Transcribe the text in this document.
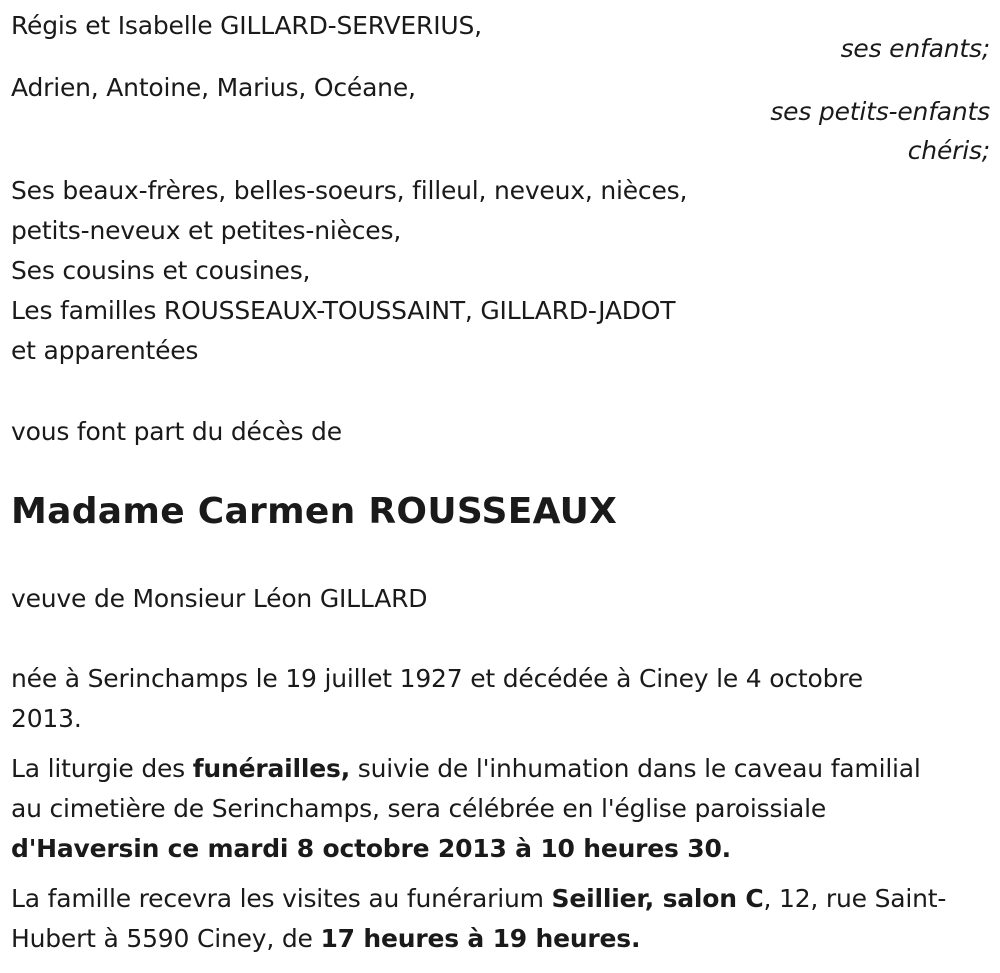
Régis et Isabelle GILLARD-SERVERIUS,
ses enfants;
Adrien, Antoine, Marius, Océane,
ses petits-enfants
chéris;
Ses beaux-frères, belles-soeurs, filleul, neveux, nièces,
petits-neveux et petites-nièces,
Ses cousins et cousines,
Les familles ROUSSEAUX-TOUSSAINT, GILLARD-JADOT
et apparentées
vous font part du décès de
Madame Carmen ROUSSEAUX
veuve de Monsieur Léon GILLARD
née à Serinchamps le 19 juillet 1927 et décédée à Ciney le 4 octobre
2013.
La liturgie des funérailles, suivie de l'inhumation dans le caveau familial
au cimetière de Serinchamps, sera célébrée en l'église paroissiale
d'Haversin ce mardi 8 octobre 2013 à 10 heures 30.
La famille recevra les visites au funérarium Seillier, salon C, 12, rue Saint-
Hubert à 5590 Ciney, de 17 heures à 19 heures.
